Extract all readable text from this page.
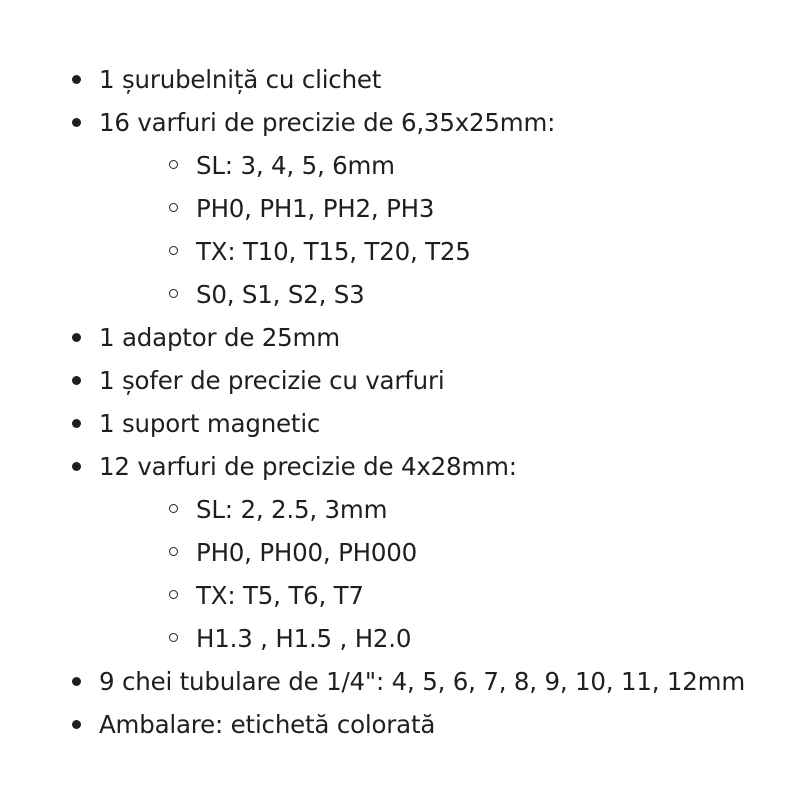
1 șurubelniță cu clichet
16 varfuri de precizie de 6,35x25mm:
SL: 3, 4, 5, 6mm
PH0, PH1, PH2, PH3
TX: T10, T15, T20, T25
S0, S1, S2, S3
1 adaptor de 25mm
1 șofer de precizie cu varfuri
1 suport magnetic
12 varfuri de precizie de 4x28mm:
SL: 2, 2.5, 3mm
PH0, PH00, PH000
TX: T5, T6, T7
H1.3 , H1.5 , H2.0
9 chei tubulare de 1/4": 4, 5, 6, 7, 8, 9, 10, 11, 12mm
Ambalare: etichetă colorată
